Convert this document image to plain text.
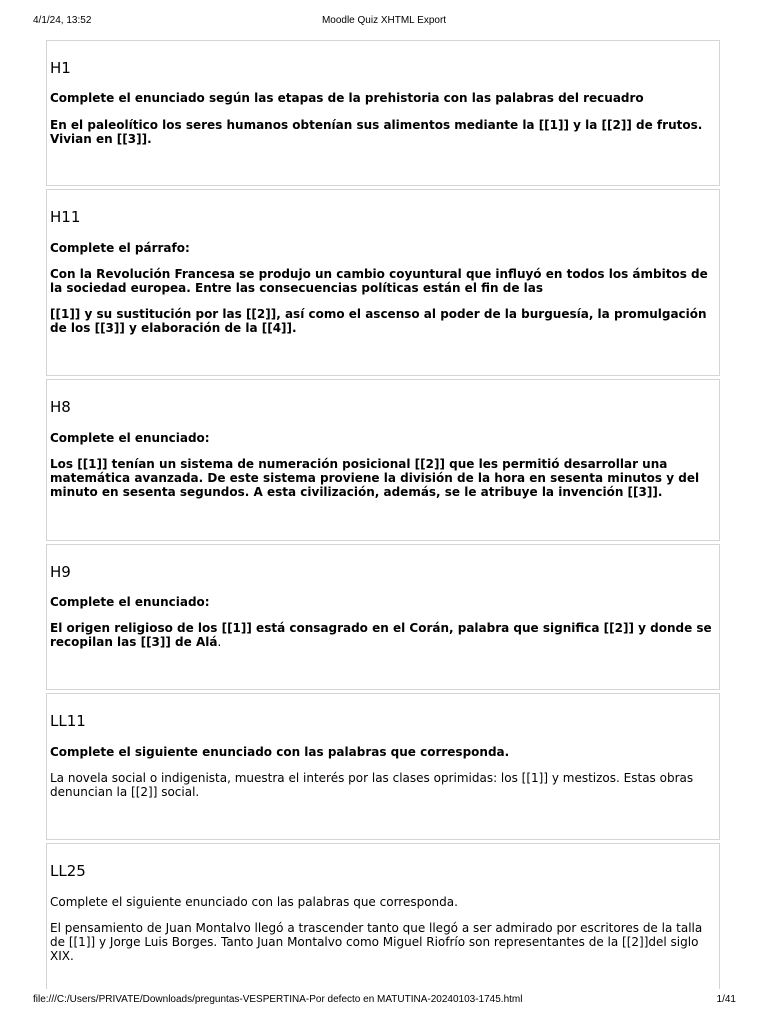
4/1/24, 13:52	Moodle Quiz XHTML Export
H1

Complete el enunciado según las etapas de la prehistoria con las palabras del recuadro

En el paleolítico los seres humanos obtenían sus alimentos mediante la [[1]] y la [[2]] de frutos. Vivian en [[3]].

H11

Complete el párrafo:

Con la Revolución Francesa se produjo un cambio coyuntural que influyó en todos los ámbitos de la sociedad europea. Entre las consecuencias políticas están el fin de las

[[1]] y su sustitución por las [[2]], así como el ascenso al poder de la burguesía, la promulgación de los [[3]] y elaboración de la [[4]].

H8

Complete el enunciado:

Los [[1]] tenían un sistema de numeración posicional [[2]] que les permitió desarrollar una matemática avanzada. De este sistema proviene la división de la hora en sesenta minutos y del minuto en sesenta segundos. A esta civilización, además, se le atribuye la invención [[3]].

H9

Complete el enunciado:

El origen religioso de los [[1]] está consagrado en el Corán, palabra que significa [[2]] y donde se recopilan las [[3]] de Alá.

LL11

Complete el siguiente enunciado con las palabras que corresponda.

La novela social o indigenista, muestra el interés por las clases oprimidas: los [[1]] y mestizos. Estas obras denuncian la [[2]] social.

LL25

Complete el siguiente enunciado con las palabras que corresponda.

El pensamiento de Juan Montalvo llegó a trascender tanto que llegó a ser admirado por escritores de la talla de [[1]] y Jorge Luis Borges. Tanto Juan Montalvo como Miguel Riofrío son representantes de la [[2]]del siglo XIX.

file:///C:/Users/PRIVATE/Downloads/preguntas-VESPERTINA-Por defecto en MATUTINA-20240103-1745.html	1/41
